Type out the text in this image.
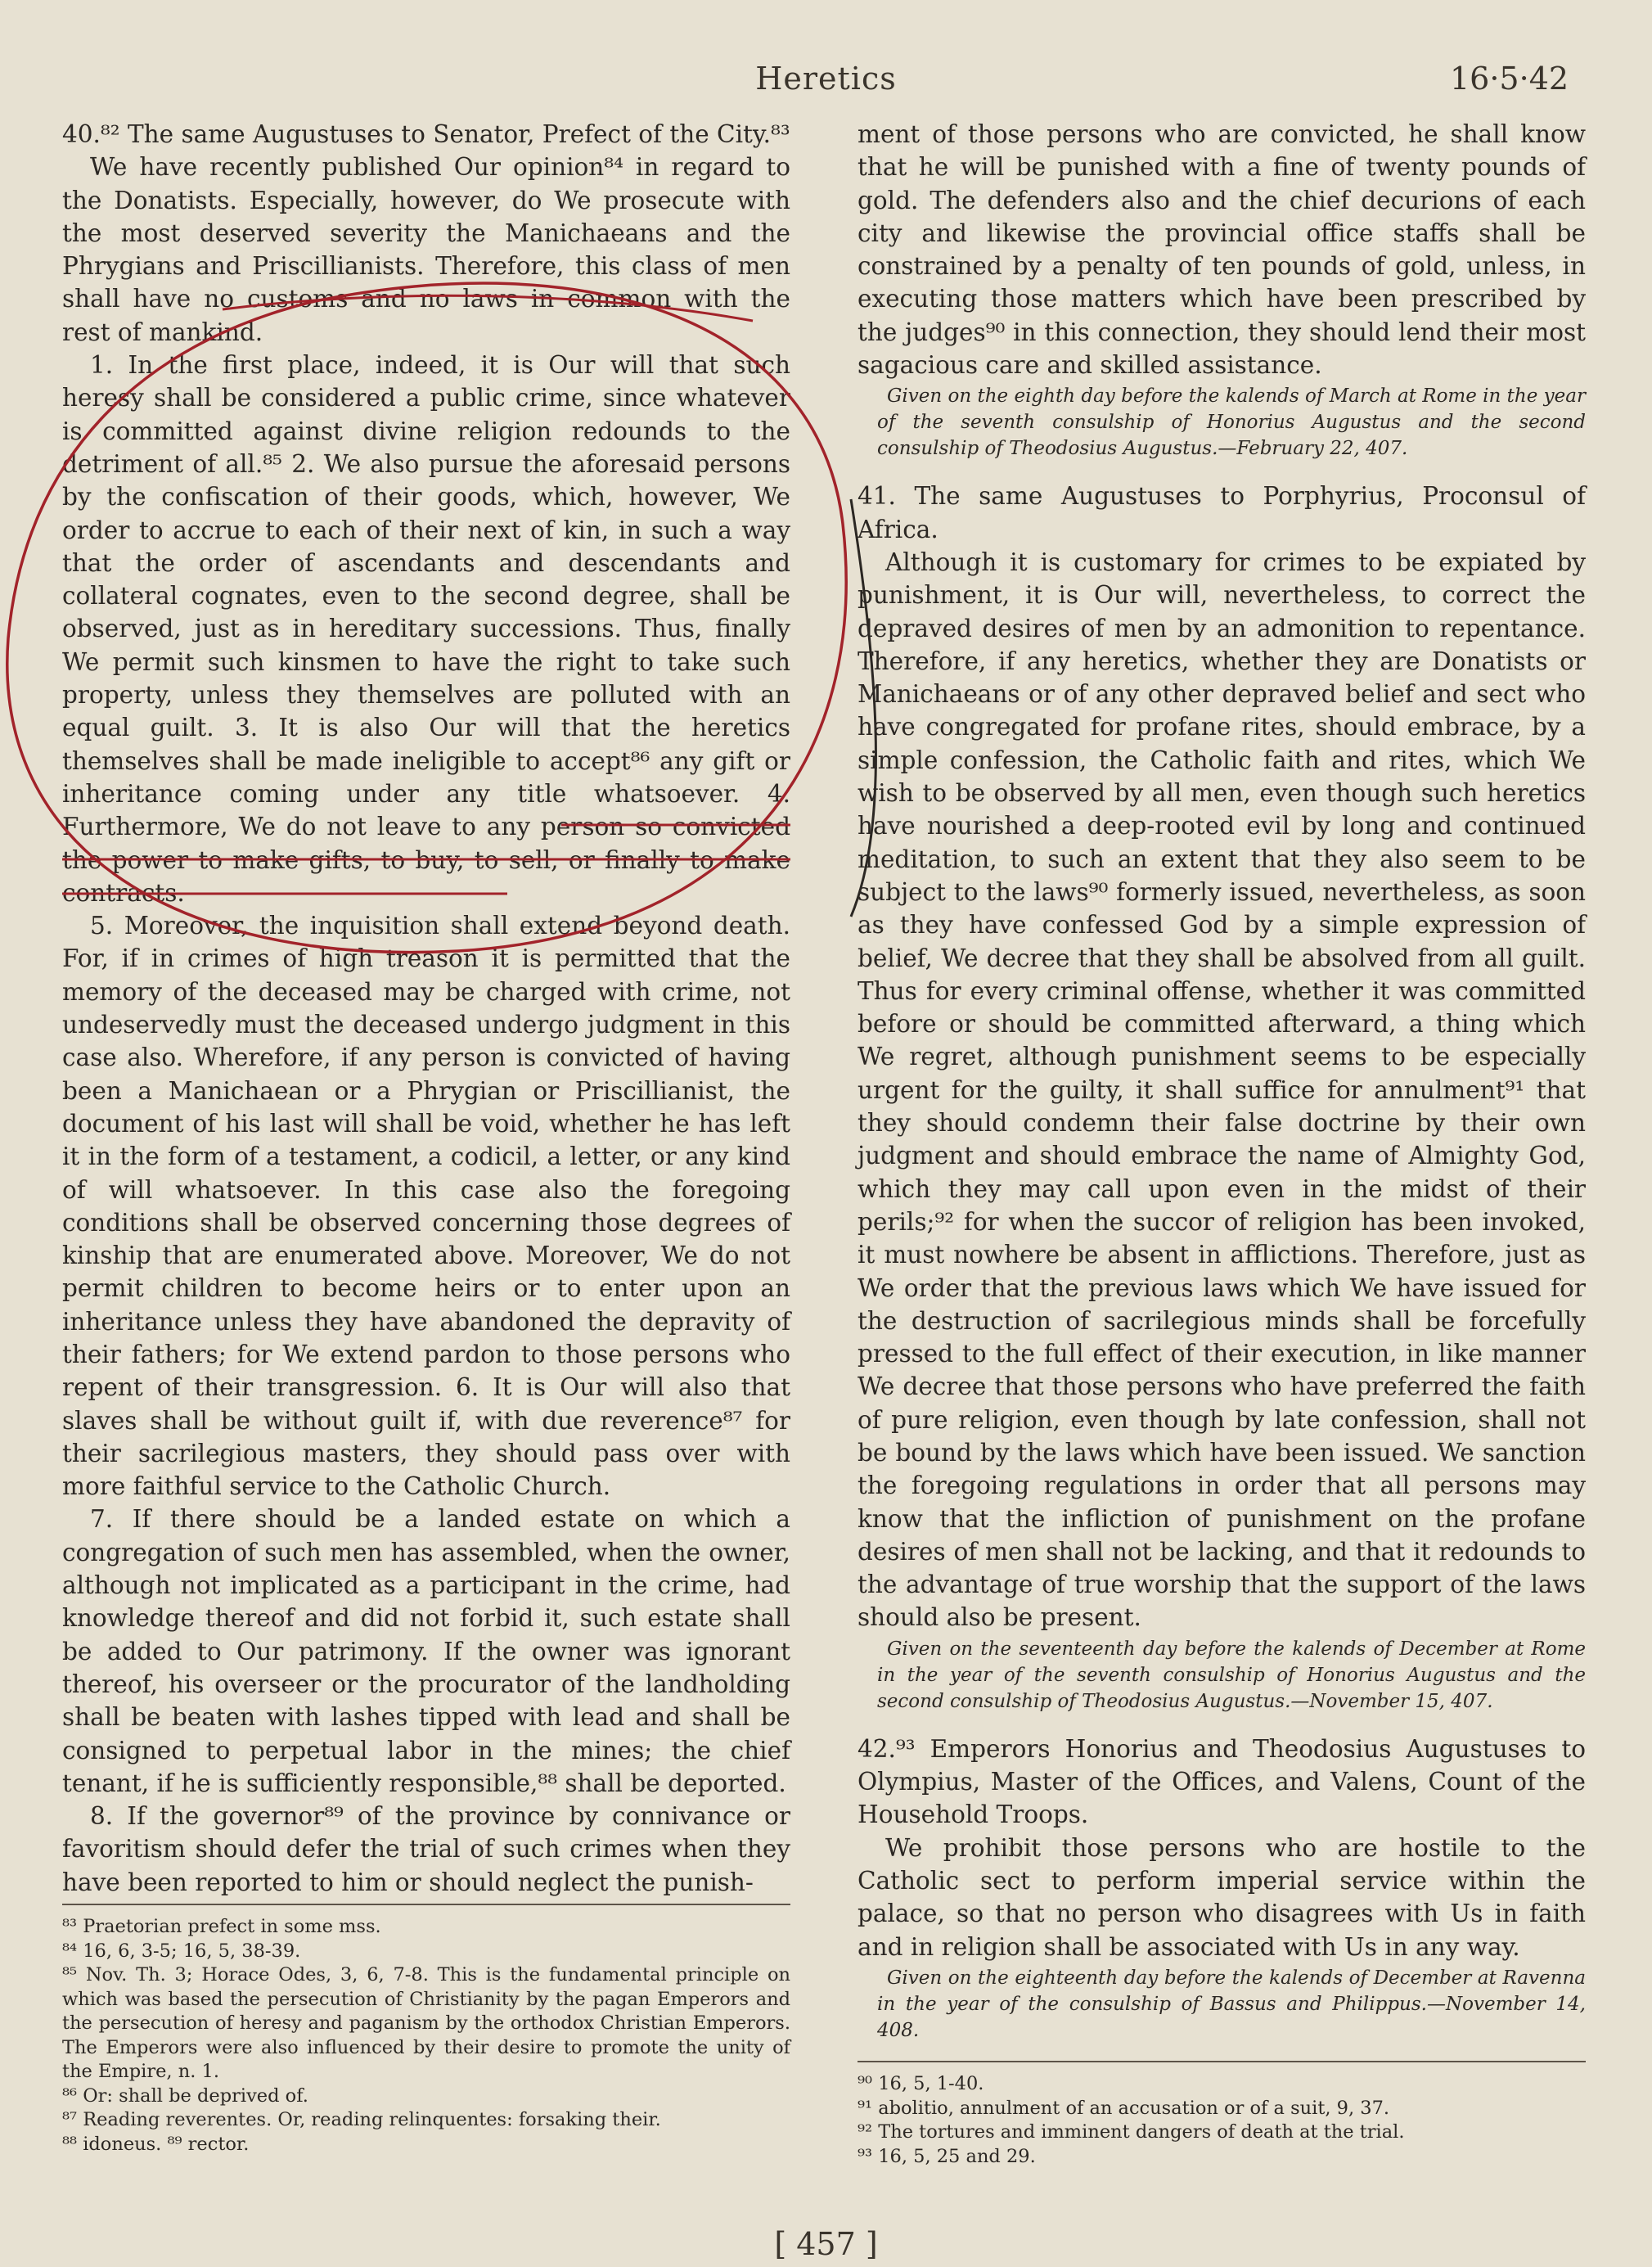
Heretics	16·5·42

40.⁸² The same Augustuses to Senator, Prefect of the City.⁸³

We have recently published Our opinion⁸⁴ in regard to the Donatists. Especially, however, do We prosecute with the most deserved severity the Manichaeans and the Phrygians and Priscillianists. Therefore, this class of men shall have no customs and no laws in common with the rest of mankind.

1. In the first place, indeed, it is Our will that such heresy shall be considered a public crime, since whatever is committed against divine religion redounds to the detriment of all.⁸⁵ 2. We also pursue the aforesaid persons by the confiscation of their goods, which, however, We order to accrue to each of their next of kin, in such a way that the order of ascendants and descendants and collateral cognates, even to the second degree, shall be observed, just as in hereditary successions. Thus, finally We permit such kinsmen to have the right to take such property, unless they themselves are polluted with an equal guilt. 3. It is also Our will that the heretics themselves shall be made ineligible to accept⁸⁶ any gift or inheritance coming under any title whatsoever. 4. Furthermore, We do not leave to any person so convicted the power to make gifts, to buy, to sell, or finally to make contracts.

5. Moreover, the inquisition shall extend beyond death. For, if in crimes of high treason it is permitted that the memory of the deceased may be charged with crime, not undeservedly must the deceased undergo judgment in this case also. Wherefore, if any person is convicted of having been a Manichaean or a Phrygian or Priscillianist, the document of his last will shall be void, whether he has left it in the form of a testament, a codicil, a letter, or any kind of will whatsoever. In this case also the foregoing conditions shall be observed concerning those degrees of kinship that are enumerated above. Moreover, We do not permit children to become heirs or to enter upon an inheritance unless they have abandoned the depravity of their fathers; for We extend pardon to those persons who repent of their transgression. 6. It is Our will also that slaves shall be without guilt if, with due reverence⁸⁷ for their sacrilegious masters, they should pass over with more faithful service to the Catholic Church.

7. If there should be a landed estate on which a congregation of such men has assembled, when the owner, although not implicated as a participant in the crime, had knowledge thereof and did not forbid it, such estate shall be added to Our patrimony. If the owner was ignorant thereof, his overseer or the procurator of the landholding shall be beaten with lashes tipped with lead and shall be consigned to perpetual labor in the mines; the chief tenant, if he is sufficiently responsible,⁸⁸ shall be deported.

8. If the governor⁸⁹ of the province by connivance or favoritism should defer the trial of such crimes when they have been reported to him or should neglect the punish-

ment of those persons who are convicted, he shall know that he will be punished with a fine of twenty pounds of gold. The defenders also and the chief decurions of each city and likewise the provincial office staffs shall be constrained by a penalty of ten pounds of gold, unless, in executing those matters which have been prescribed by the judges⁹⁰ in this connection, they should lend their most sagacious care and skilled assistance.

Given on the eighth day before the kalends of March at Rome in the year of the seventh consulship of Honorius Augustus and the second consulship of Theodosius Augustus.—February 22, 407.

41. The same Augustuses to Porphyrius, Proconsul of Africa.

Although it is customary for crimes to be expiated by punishment, it is Our will, nevertheless, to correct the depraved desires of men by an admonition to repentance. Therefore, if any heretics, whether they are Donatists or Manichaeans or of any other depraved belief and sect who have congregated for profane rites, should embrace, by a simple confession, the Catholic faith and rites, which We wish to be observed by all men, even though such heretics have nourished a deep-rooted evil by long and continued meditation, to such an extent that they also seem to be subject to the laws⁹⁰ formerly issued, nevertheless, as soon as they have confessed God by a simple expression of belief, We decree that they shall be absolved from all guilt. Thus for every criminal offense, whether it was committed before or should be committed afterward, a thing which We regret, although punishment seems to be especially urgent for the guilty, it shall suffice for annulment⁹¹ that they should condemn their false doctrine by their own judgment and should embrace the name of Almighty God, which they may call upon even in the midst of their perils;⁹² for when the succor of religion has been invoked, it must nowhere be absent in afflictions. Therefore, just as We order that the previous laws which We have issued for the destruction of sacrilegious minds shall be forcefully pressed to the full effect of their execution, in like manner We decree that those persons who have preferred the faith of pure religion, even though by late confession, shall not be bound by the laws which have been issued. We sanction the foregoing regulations in order that all persons may know that the infliction of punishment on the profane desires of men shall not be lacking, and that it redounds to the advantage of true worship that the support of the laws should also be present.

Given on the seventeenth day before the kalends of December at Rome in the year of the seventh consulship of Honorius Augustus and the second consulship of Theodosius Augustus.—November 15, 407.

42.⁹³ Emperors Honorius and Theodosius Augustuses to Olympius, Master of the Offices, and Valens, Count of the Household Troops.

We prohibit those persons who are hostile to the Catholic sect to perform imperial service within the palace, so that no person who disagrees with Us in faith and in religion shall be associated with Us in any way.

Given on the eighteenth day before the kalends of December at Ravenna in the year of the consulship of Bassus and Philippus.—November 14, 408.

⁸³ Praetorian prefect in some mss.

⁸⁴ 16, 6, 3-5; 16, 5, 38-39.

⁸⁵ Nov. Th. 3; Horace Odes, 3, 6, 7-8. This is the fundamental principle on which was based the persecution of Christianity by the pagan Emperors and the persecution of heresy and paganism by the orthodox Christian Emperors. The Emperors were also influenced by their desire to promote the unity of the Empire, n. 1.

⁸⁶ Or: shall be deprived of.

⁸⁷ Reading reverentes. Or, reading relinquentes: forsaking their.

⁸⁸ idoneus. ⁸⁹ rector.

⁹⁰ 16, 5, 1-40.

⁹¹ abolitio, annulment of an accusation or of a suit, 9, 37.

⁹² The tortures and imminent dangers of death at the trial.

⁹³ 16, 5, 25 and 29.

[ 457 ]
